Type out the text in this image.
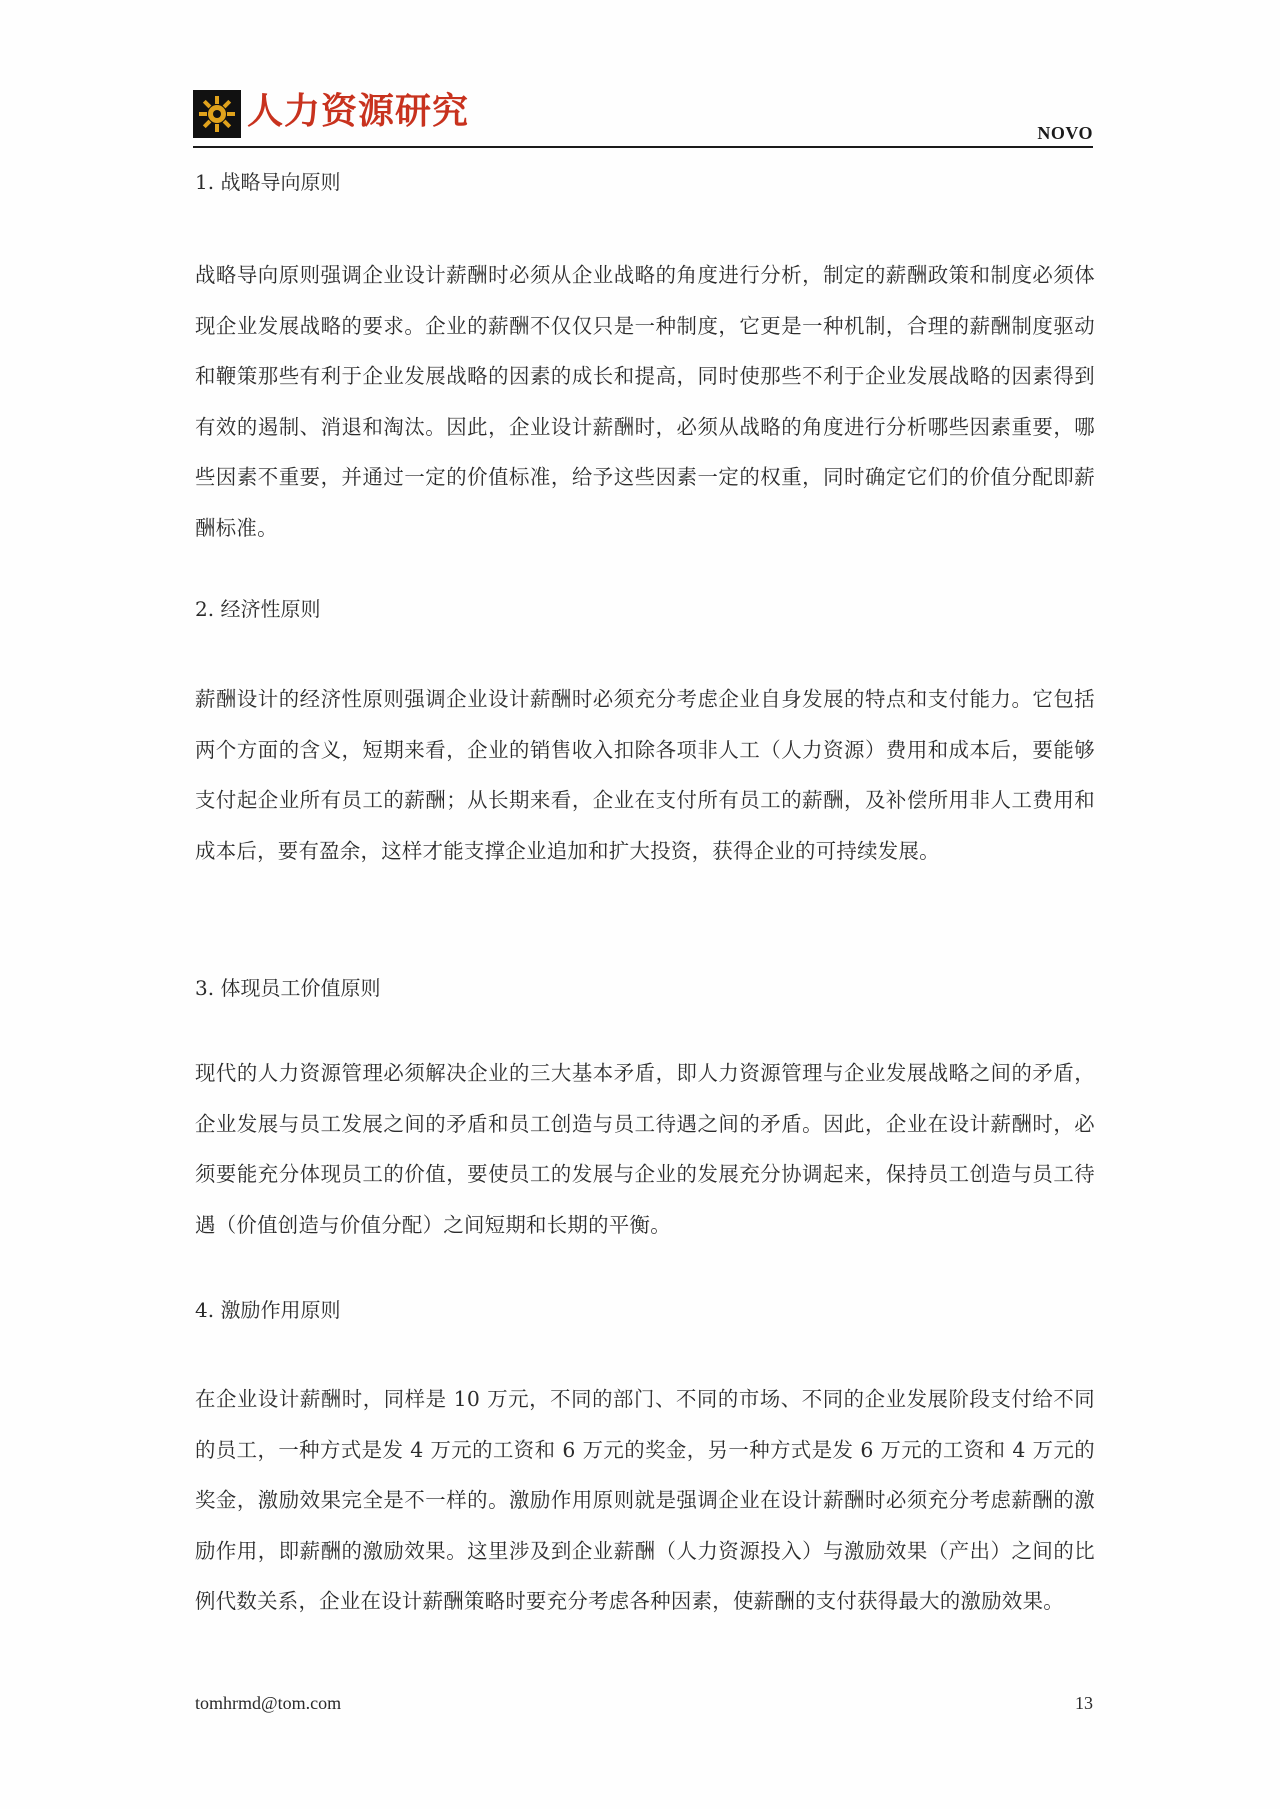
人力资源研究
NOVO

1. 战略导向原则

战略导向原则强调企业设计薪酬时必须从企业战略的角度进行分析，制定的薪酬政策和制度必须体现企业发展战略的要求。企业的薪酬不仅仅只是一种制度，它更是一种机制，合理的薪酬制度驱动和鞭策那些有利于企业发展战略的因素的成长和提高，同时使那些不利于企业发展战略的因素得到有效的遏制、消退和淘汰。因此，企业设计薪酬时，必须从战略的角度进行分析哪些因素重要，哪些因素不重要，并通过一定的价值标准，给予这些因素一定的权重，同时确定它们的价值分配即薪酬标准。

2. 经济性原则

薪酬设计的经济性原则强调企业设计薪酬时必须充分考虑企业自身发展的特点和支付能力。它包括两个方面的含义，短期来看，企业的销售收入扣除各项非人工（人力资源）费用和成本后，要能够支付起企业所有员工的薪酬；从长期来看，企业在支付所有员工的薪酬，及补偿所用非人工费用和成本后，要有盈余，这样才能支撑企业追加和扩大投资，获得企业的可持续发展。

3. 体现员工价值原则

现代的人力资源管理必须解决企业的三大基本矛盾，即人力资源管理与企业发展战略之间的矛盾，企业发展与员工发展之间的矛盾和员工创造与员工待遇之间的矛盾。因此，企业在设计薪酬时，必须要能充分体现员工的价值，要使员工的发展与企业的发展充分协调起来，保持员工创造与员工待遇（价值创造与价值分配）之间短期和长期的平衡。

4. 激励作用原则

在企业设计薪酬时，同样是 10 万元，不同的部门、不同的市场、不同的企业发展阶段支付给不同的员工，一种方式是发 4 万元的工资和 6 万元的奖金，另一种方式是发 6 万元的工资和 4 万元的奖金，激励效果完全是不一样的。激励作用原则就是强调企业在设计薪酬时必须充分考虑薪酬的激励作用，即薪酬的激励效果。这里涉及到企业薪酬（人力资源投入）与激励效果（产出）之间的比例代数关系，企业在设计薪酬策略时要充分考虑各种因素，使薪酬的支付获得最大的激励效果。

tomhrmd@tom.com	13
